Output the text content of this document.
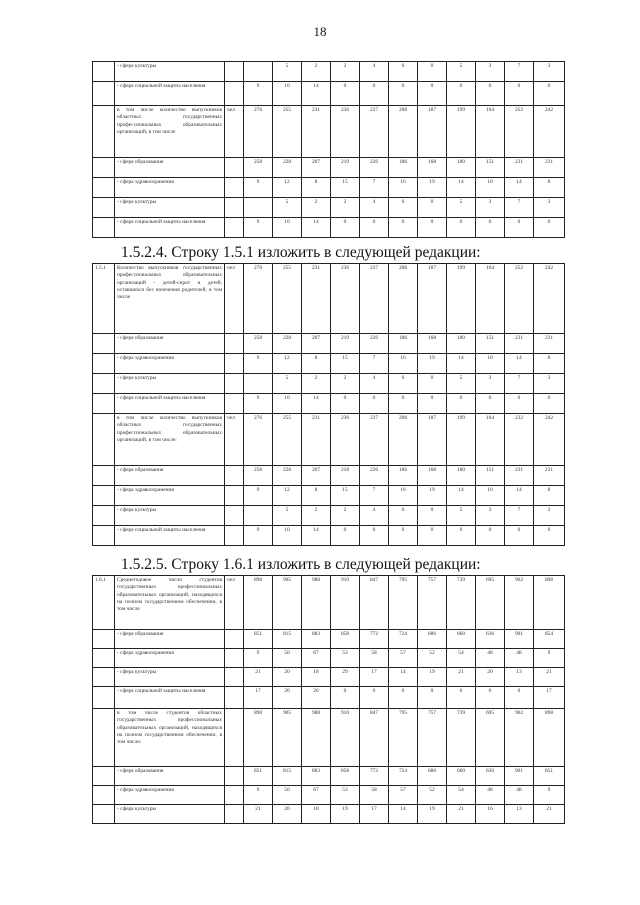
18
	- сфера культуры			5	2	2	4	6	0	5	3	7	3
	- сфера социальной защиты населения		9	10	14	0	0	0	0	0	0	0	0
	в том числе количество выпускников областных государственных профессиональных образовательных организаций, в том числе	чел	276	255	231	236	237	208	187	199	164	252	242
	- сфера образования		258	228	207	219	226	186	168	180	151	231	231
	- сфера здравоохранения		9	12	8	15	7	16	19	14	10	14	8
	- сфера культуры			5	2	2	4	6	0	5	3	7	3
	- сфера социальной защиты населения		9	10	14	0	0	0	0	0	0	0	0
1.5.2.4. Строку 1.5.1 изложить в следующей редакции:
1.5.1	Количество выпускников государственных профессиональных образовательных организаций - детей-сирот и детей, оставшихся без попечения родителей, в том числе	чел	276	255	231	236	237	208	187	199	164	252	242
	- сфера образования		258	228	207	219	226	186	168	180	151	231	231
	- сфера здравоохранения		9	12	8	15	7	16	19	14	10	14	8
	- сфера культуры			5	2	2	4	6	0	5	3	7	3
	- сфера социальной защиты населения		9	10	14	0	0	0	0	0	0	0	0
	в том числе количество выпускников областных государственных профессиональных образовательных организаций, в том числе:	чел	276	255	231	236	237	208	187	199	164	232	242
	- сфера образования		258	228	207	218	226	186	168	180	151	231	231
	- сфера здравоохранения		9	12	8	15	7	16	19	14	10	14	8
	- сфера культуры			5	2	2	4	6	0	5	3	7	3
	- сфера социальной защиты населения		9	10	14	0	0	0	0	0	0	0	0
1.5.2.5. Строку 1.6.1 изложить в следующей редакции:
1.6.1	Среднегодовое число студентов государственных профессиональных образовательных организаций, находящихся на полном государственном обеспечении, в том числе	чел	898	905	988	910	847	795	757	739	695	962	898
	- сфера образования		851	815	883	858	772	724	686	660	636	901	854
	- сфера здравоохранения		9	50	67	53	58	57	52	54	48	48	9
	- сфера культуры		21	20	18	29	17	14	19	21	20	13	21
	- сфера социальной защиты населения		17	20	20	0	0	0	0	0	0	0	17
	в том числе студентов областных государственных профессиональных образовательных организаций, находящихся на полном государственном обеспечении, в том числе:		898	905	988	910	847	795	757	739	695	962	898
	- сфера образования		851	815	883	858	772	724	686	660	636	901	851
	- сфера здравоохранения		9	50	67	53	58	57	52	54	48	48	9
	- сфера культуры		21	20	18	19	17	14	19	21	16	13	21
